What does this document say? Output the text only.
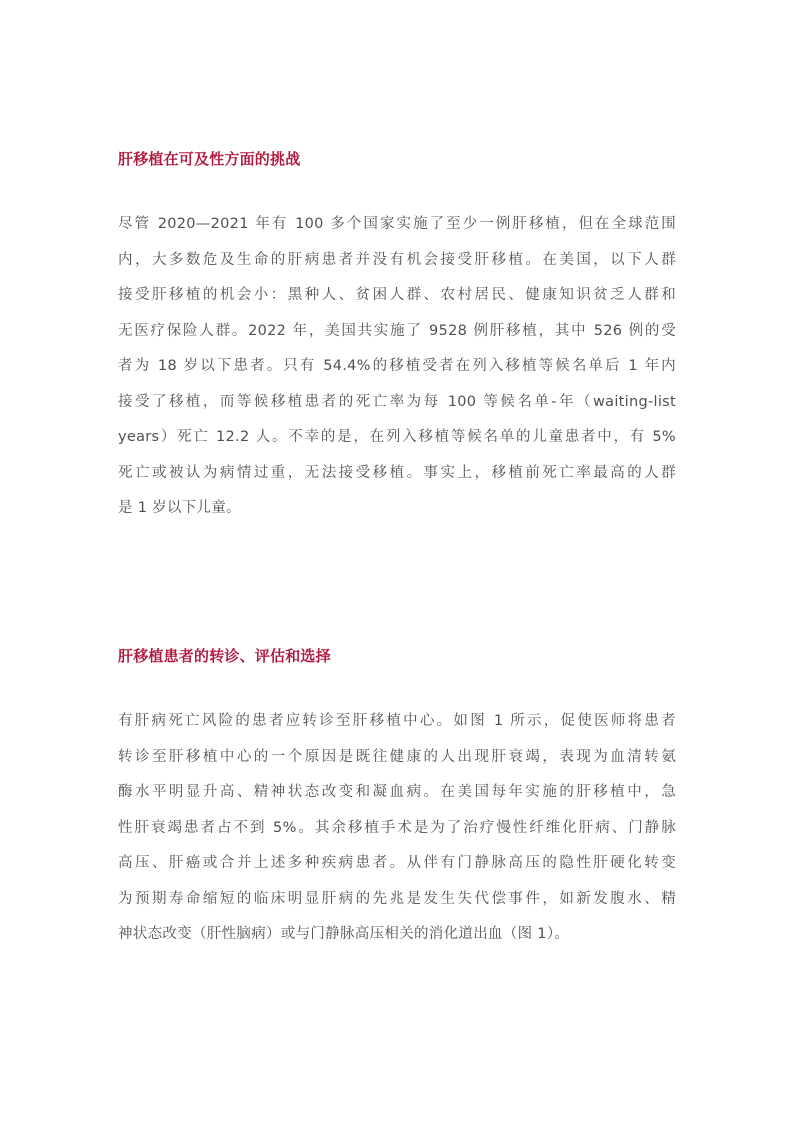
肝移植在可及性方面的挑战

尽管 2020—2021 年有 100 多个国家实施了至少一例肝移植，但在全球范围
内，大多数危及生命的肝病患者并没有机会接受肝移植。在美国，以下人群
接受肝移植的机会小：黑种人、贫困人群、农村居民、健康知识贫乏人群和
无医疗保险人群。2022 年，美国共实施了 9528 例肝移植，其中 526 例的受
者为 18 岁以下患者。只有 54.4%的移植受者在列入移植等候名单后 1 年内
接受了移植，而等候移植患者的死亡率为每 100 等候名单-年（waiting-list
years）死亡 12.2 人。不幸的是，在列入移植等候名单的儿童患者中，有 5%
死亡或被认为病情过重，无法接受移植。事实上，移植前死亡率最高的人群
是 1 岁以下儿童。

肝移植患者的转诊、评估和选择

有肝病死亡风险的患者应转诊至肝移植中心。如图 1 所示，促使医师将患者
转诊至肝移植中心的一个原因是既往健康的人出现肝衰竭，表现为血清转氨
酶水平明显升高、精神状态改变和凝血病。在美国每年实施的肝移植中，急
性肝衰竭患者占不到 5%。其余移植手术是为了治疗慢性纤维化肝病、门静脉
高压、肝癌或合并上述多种疾病患者。从伴有门静脉高压的隐性肝硬化转变
为预期寿命缩短的临床明显肝病的先兆是发生失代偿事件，如新发腹水、精
神状态改变（肝性脑病）或与门静脉高压相关的消化道出血（图 1）。
